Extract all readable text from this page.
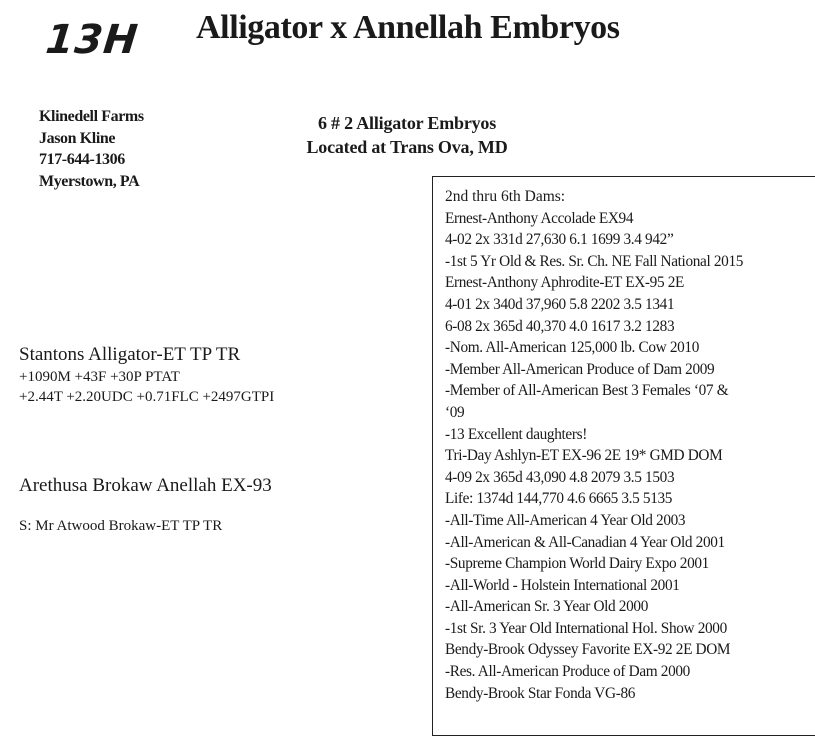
13H Alligator x Annellah Embryos
Klinedell Farms
Jason Kline
717-644-1306
Myerstown, PA
6 # 2 Alligator Embryos
Located at Trans Ova, MD
Stantons Alligator-ET TP TR
+1090M +43F +30P PTAT
+2.44T +2.20UDC +0.71FLC +2497GTPI
Arethusa Brokaw Anellah EX-93
S: Mr Atwood Brokaw-ET TP TR
2nd thru 6th Dams:
Ernest-Anthony Accolade EX94
4-02 2x 331d 27,630 6.1 1699 3.4 942”
-1st 5 Yr Old & Res. Sr. Ch. NE Fall National 2015
Ernest-Anthony Aphrodite-ET EX-95 2E
4-01 2x 340d 37,960 5.8 2202 3.5 1341
6-08 2x 365d 40,370 4.0 1617 3.2 1283
-Nom. All-American 125,000 lb. Cow 2010
-Member All-American Produce of Dam 2009
-Member of All-American Best 3 Females ‘07 &
‘09
-13 Excellent daughters!
Tri-Day Ashlyn-ET EX-96 2E 19* GMD DOM
4-09 2x 365d 43,090 4.8 2079 3.5 1503
Life: 1374d 144,770 4.6 6665 3.5 5135
-All-Time All-American 4 Year Old 2003
-All-American & All-Canadian 4 Year Old 2001
-Supreme Champion World Dairy Expo 2001
-All-World - Holstein International 2001
-All-American Sr. 3 Year Old 2000
-1st Sr. 3 Year Old International Hol. Show 2000
Bendy-Brook Odyssey Favorite EX-92 2E DOM
-Res. All-American Produce of Dam 2000
Bendy-Brook Star Fonda VG-86
